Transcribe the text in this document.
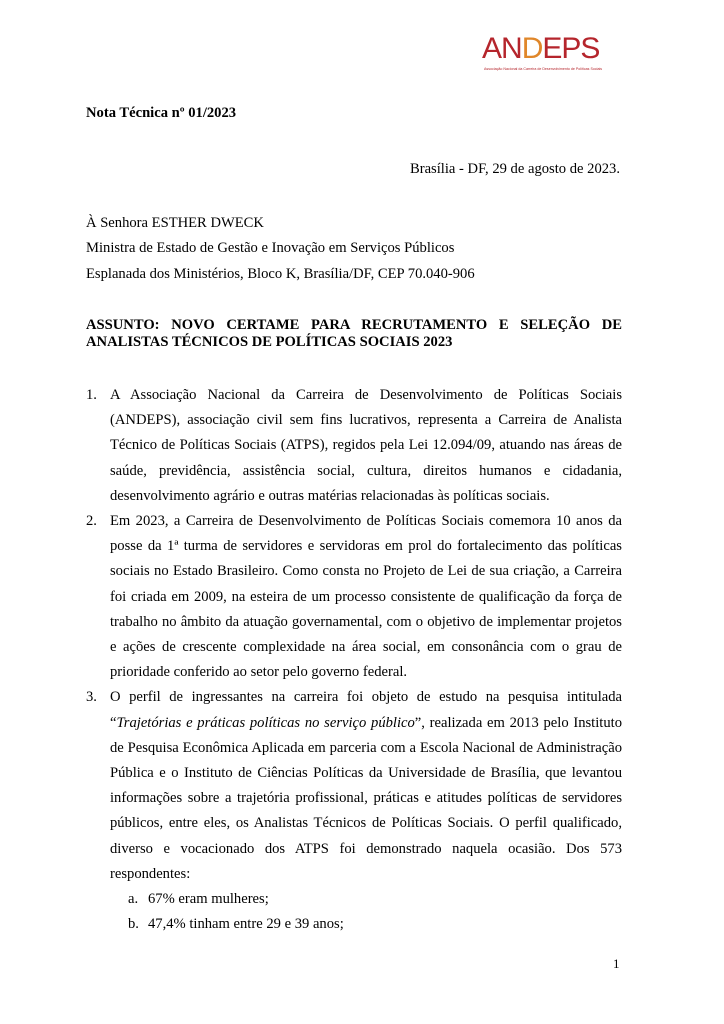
ANDEPS
Associação Nacional da Carreira de Desenvolvimento de Políticas Sociais
Nota Técnica nº 01/2023
Brasília - DF, 29 de agosto de 2023.
À Senhora ESTHER DWECK
Ministra de Estado de Gestão e Inovação em Serviços Públicos
Esplanada dos Ministérios, Bloco K, Brasília/DF, CEP 70.040-906
ASSUNTO: NOVO CERTAME PARA RECRUTAMENTO E SELEÇÃO DE
ANALISTAS TÉCNICOS DE POLÍTICAS SOCIAIS 2023
1. A Associação Nacional da Carreira de Desenvolvimento de Políticas Sociais (ANDEPS), associação civil sem fins lucrativos, representa a Carreira de Analista Técnico de Políticas Sociais (ATPS), regidos pela Lei 12.094/09, atuando nas áreas de saúde, previdência, assistência social, cultura, direitos humanos e cidadania, desenvolvimento agrário e outras matérias relacionadas às políticas sociais.
2. Em 2023, a Carreira de Desenvolvimento de Políticas Sociais comemora 10 anos da posse da 1ª turma de servidores e servidoras em prol do fortalecimento das políticas sociais no Estado Brasileiro. Como consta no Projeto de Lei de sua criação, a Carreira foi criada em 2009, na esteira de um processo consistente de qualificação da força de trabalho no âmbito da atuação governamental, com o objetivo de implementar projetos e ações de crescente complexidade na área social, em consonância com o grau de prioridade conferido ao setor pelo governo federal.
3. O perfil de ingressantes na carreira foi objeto de estudo na pesquisa intitulada “Trajetórias e práticas políticas no serviço público”, realizada em 2013 pelo Instituto de Pesquisa Econômica Aplicada em parceria com a Escola Nacional de Administração Pública e o Instituto de Ciências Políticas da Universidade de Brasília, que levantou informações sobre a trajetória profissional, práticas e atitudes políticas de servidores públicos, entre eles, os Analistas Técnicos de Políticas Sociais. O perfil qualificado, diverso e vocacionado dos ATPS foi demonstrado naquela ocasião. Dos 573 respondentes:
a. 67% eram mulheres;
b. 47,4% tinham entre 29 e 39 anos;
1
